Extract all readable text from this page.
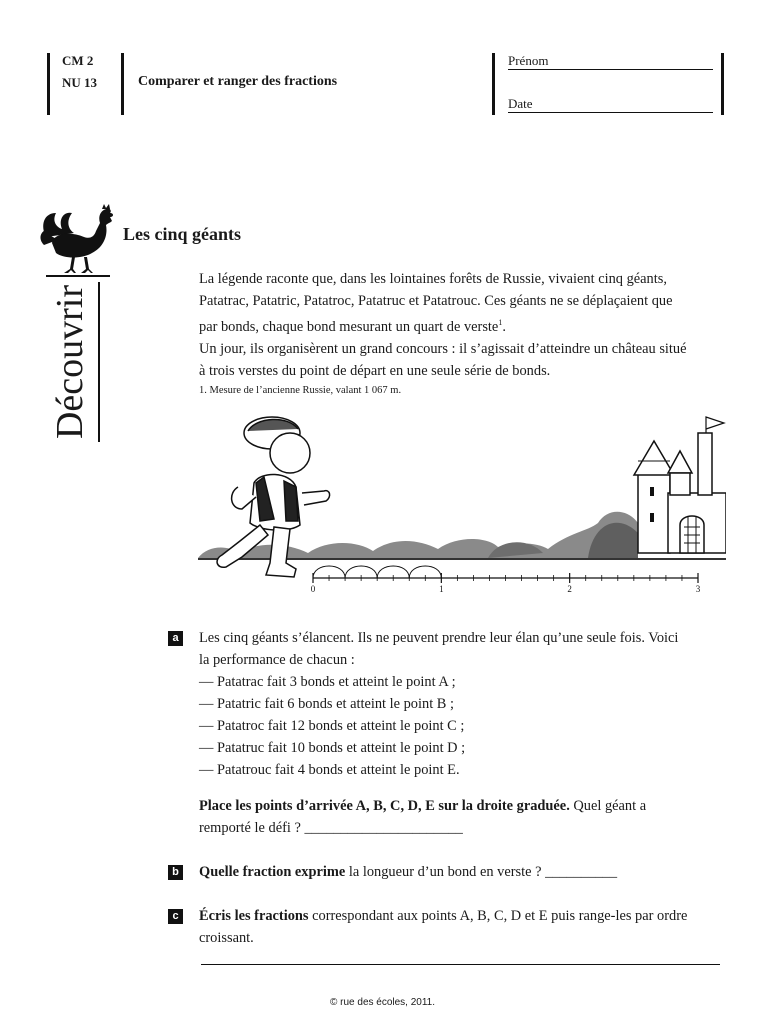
CM 2
NU 13	Comparer et ranger des fractions
Prénom
Date
Découvrir
Les cinq géants
La légende raconte que, dans les lointaines forêts de Russie, vivaient cinq géants,
Patatrac, Patatric, Patatroc, Patatruc et Patatrouc. Ces géants ne se déplaçaient que
par bonds, chaque bond mesurant un quart de verste$^1$.
Un jour, ils organisèrent un grand concours : il s’agissait d’atteindre un château situé
à trois verstes du point de départ en une seule série de bonds.
1. Mesure de l’ancienne Russie, valant 1 067 m.
0	1	2	3
a	Les cinq géants s’élancent. Ils ne peuvent prendre leur élan qu’une seule fois. Voici
la performance de chacun :
— Patatrac fait 3 bonds et atteint le point A ;
— Patatric fait 6 bonds et atteint le point B ;
— Patatroc fait 12 bonds et atteint le point C ;
— Patatruc fait 10 bonds et atteint le point D ;
— Patatrouc fait 4 bonds et atteint le point E.
Place les points d’arrivée A, B, C, D, E sur la droite graduée. Quel géant a
remporté le défi ? ______________________
b Quelle fraction exprime la longueur d’un bond en verste ? __________
c	Écris les fractions correspondant aux points A, B, C, D et E puis range-les par ordre
croissant.
© rue des écoles, 2011.
